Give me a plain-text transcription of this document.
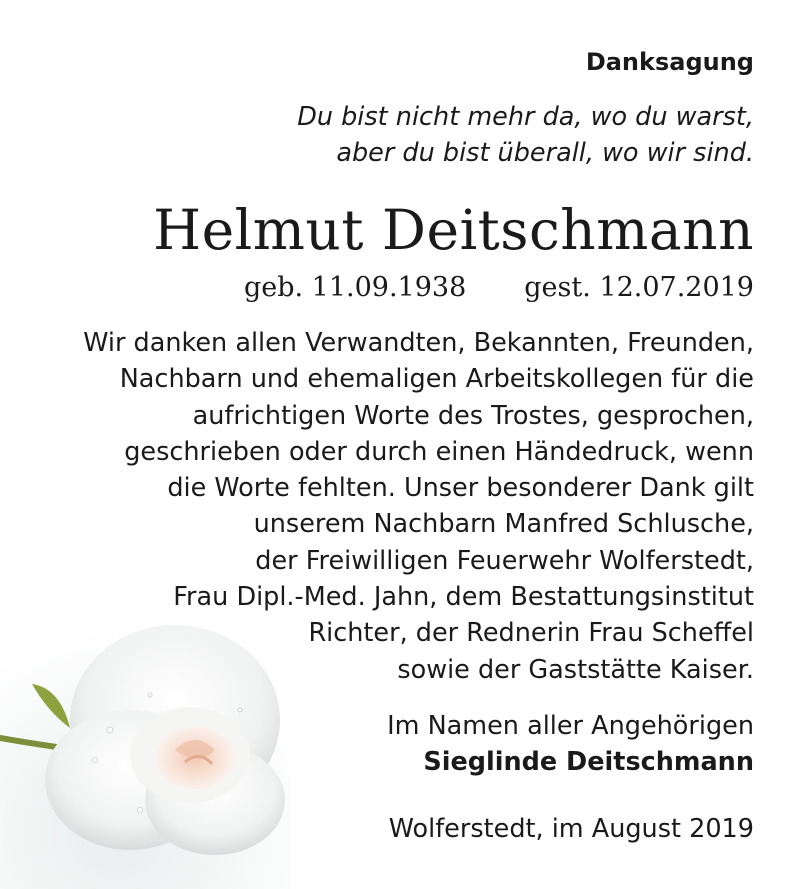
Danksagung
Du bist nicht mehr da, wo du warst,
aber du bist überall, wo wir sind.
Helmut Deitschmann
geb. 11.09.1938 gest. 12.07.2019
Wir danken allen Verwandten, Bekannten, Freunden,
Nachbarn und ehemaligen Arbeitskollegen für die
aufrichtigen Worte des Trostes, gesprochen,
geschrieben oder durch einen Händedruck, wenn
die Worte fehlten. Unser besonderer Dank gilt
unserem Nachbarn Manfred Schlusche,
der Freiwilligen Feuerwehr Wolferstedt,
Frau Dipl.-Med. Jahn, dem Bestattungsinstitut
Richter, der Rednerin Frau Scheffel
sowie der Gaststätte Kaiser.
Im Namen aller Angehörigen
Sieglinde Deitschmann
Wolferstedt, im August 2019
